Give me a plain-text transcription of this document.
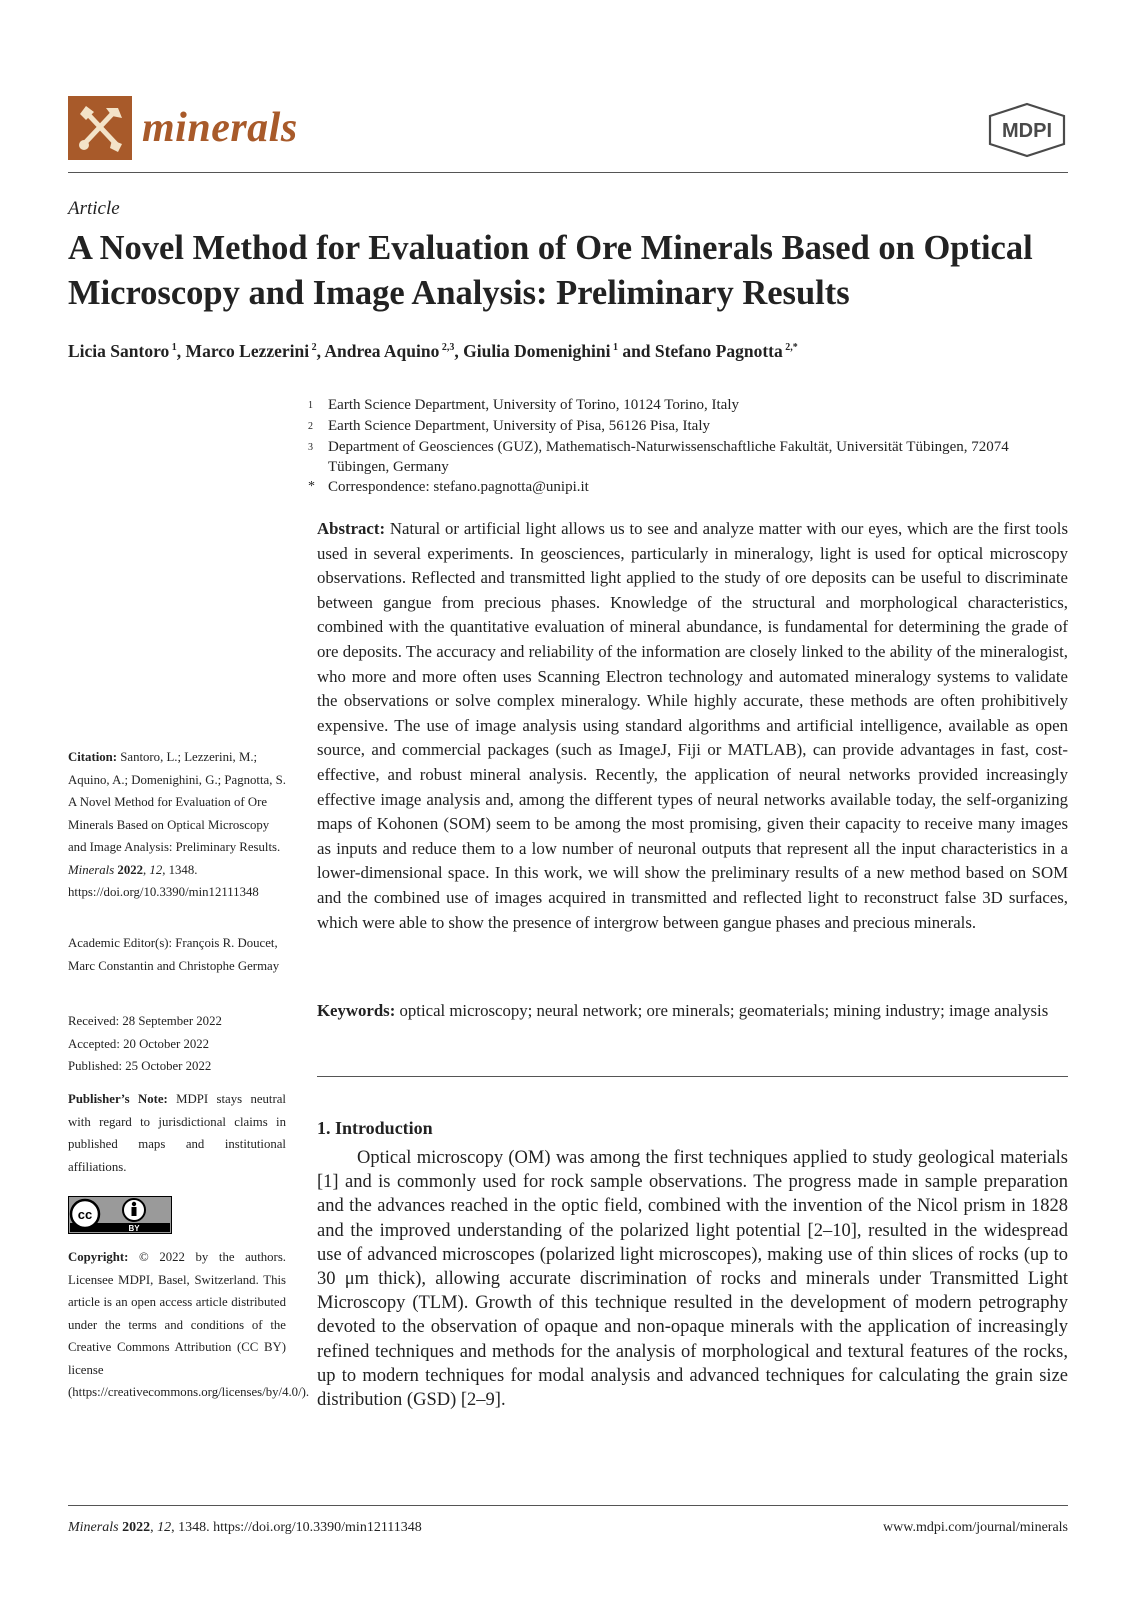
minerals	MDPI
Article
A Novel Method for Evaluation of Ore Minerals Based on Optical Microscopy and Image Analysis: Preliminary Results
Licia Santoro $^1$, Marco Lezzerini $^2$, Andrea Aquino $^{2,3}$, Giulia Domenighini $^1$ and Stefano Pagnotta $^{2,*}$
1	Earth Science Department, University of Torino, 10124 Torino, Italy
2	Earth Science Department, University of Pisa, 56126 Pisa, Italy
3	Department of Geosciences (GUZ), Mathematisch-Naturwissenschaftliche Fakultät, Universität Tübingen, 72074 Tübingen, Germany
* Correspondence: stefano.pagnotta@unipi.it
Abstract: Natural or artificial light allows us to see and analyze matter with our eyes, which are the first tools used in several experiments. In geosciences, particularly in mineralogy, light is used for optical microscopy observations. Reflected and transmitted light applied to the study of ore deposits can be useful to discriminate between gangue from precious phases. Knowledge of the structural and morphological characteristics, combined with the quantitative evaluation of mineral abundance, is fundamental for determining the grade of ore deposits. The accuracy and reliability of the information are closely linked to the ability of the mineralogist, who more and more often uses Scanning Electron technology and automated mineralogy systems to validate the observations or solve complex mineralogy. While highly accurate, these methods are often prohibitively expensive. The use of image analysis using standard algorithms and artificial intelligence, available as open source, and commercial packages (such as ImageJ, Fiji or MATLAB), can provide advantages in fast, cost-effective, and robust mineral analysis. Recently, the application of neural networks provided increasingly effective image analysis and, among the different types of neural networks available today, the self-organizing maps of Kohonen (SOM) seem to be among the most promising, given their capacity to receive many images as inputs and reduce them to a low number of neuronal outputs that represent all the input characteristics in a lower-dimensional space. In this work, we will show the preliminary results of a new method based on SOM and the combined use of images acquired in transmitted and reflected light to reconstruct false 3D surfaces, which were able to show the presence of intergrow between gangue phases and precious minerals.
Keywords: optical microscopy; neural network; ore minerals; geomaterials; mining industry; image analysis
1. Introduction
Optical microscopy (OM) was among the first techniques applied to study geological materials [1] and is commonly used for rock sample observations. The progress made in sample preparation and the advances reached in the optic field, combined with the invention of the Nicol prism in 1828 and the improved understanding of the polarized light potential [2–10], resulted in the widespread use of advanced microscopes (polarized light microscopes), making use of thin slices of rocks (up to 30 μm thick), allowing accurate discrimination of rocks and minerals under Transmitted Light Microscopy (TLM). Growth of this technique resulted in the development of modern petrography devoted to the observation of opaque and non-opaque minerals with the application of increasingly refined techniques and methods for the analysis of morphological and textural features of the rocks, up to modern techniques for modal analysis and advanced techniques for calculating the grain size distribution (GSD) [2–9].
Citation: Santoro, L.; Lezzerini, M.; Aquino, A.; Domenighini, G.; Pagnotta, S. A Novel Method for Evaluation of Ore Minerals Based on Optical Microscopy and Image Analysis: Preliminary Results. Minerals 2022, 12, 1348. https://doi.org/10.3390/min12111348
Academic Editor(s): François R. Doucet, Marc Constantin and Christophe Germay
Received: 28 September 2022
Accepted: 20 October 2022
Published: 25 October 2022
Publisher’s Note: MDPI stays neutral with regard to jurisdictional claims in published maps and institutional affiliations.
cc
BY
Copyright: © 2022 by the authors. Licensee MDPI, Basel, Switzerland. This article is an open access article distributed under the terms and conditions of the Creative Commons Attribution (CC BY) license (https://creativecommons.org/licenses/by/4.0/).
Minerals 2022, 12, 1348. https://doi.org/10.3390/min12111348	www.mdpi.com/journal/minerals
